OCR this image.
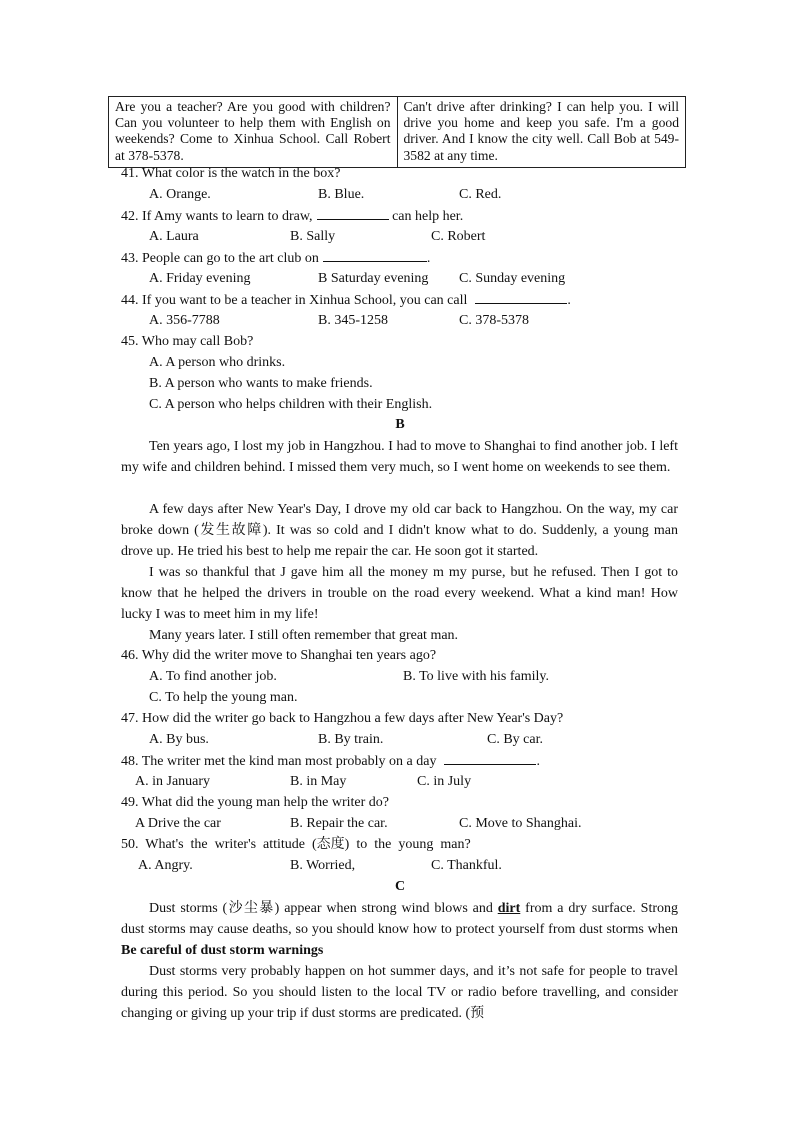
Are you a teacher? Are you good with children? Can you volunteer to help them with English on weekends? Come to Xinhua School. Call Robert at 378-5378.	Can't drive after drinking? I can help you. I will drive you home and keep you safe. I'm a good driver. And I know the city well. Call Bob at 549-3582 at any time.
41. What color is the watch in the box?
A. Orange.	B. Blue.	C. Red.
42. If Amy wants to learn to draw,	can help her.
A. Laura	B. Sally	C. Robert
43. People can go to the art club on	.
A. Friday evening	B Saturday evening C. Sunday evening
44. If you want to be a teacher in Xinhua School, you can call	.
A. 356-7788	B. 345-1258	C. 378-5378
45. Who may call Bob?
A. A person who drinks.
B. A person who wants to make friends.
C. A person who helps children with their English.
B
Ten years ago, I lost my job in Hangzhou. I had to move to Shanghai to find another job. I left my wife and children behind. I missed them very much, so I went home on weekends to see them.
A few days after New Year's Day, I drove my old car back to Hangzhou. On the way, my car broke down (发生故障). It was so cold and I didn't know what to do. Suddenly, a young man drove up. He tried his best to help me repair the car. He soon got it started.
I was so thankful that J gave him all the money m my purse, but he refused. Then I got to know that he helped the drivers in trouble on the road every weekend. What a kind man! How lucky I was to meet him in my life!
Many years later. I still often remember that great man.
46. Why did the writer move to Shanghai ten years ago?
A. To find another job.	B. To live with his family.
C. To help the young man.
47. How did the writer go back to Hangzhou a few days after New Year's Day?
A. By bus.	B. By train.	C. By car.
48. The writer met the kind man most probably on a day	.
A. in January	B. in May	C. in July
49. What did the young man help the writer do?
A Drive the car	B. Repair the car.	C. Move to Shanghai.
50.  What's  the  writer's  attitude  (态度)  to  the  young  man?
A. Angry.	B. Worried,	C. Thankful.
C
Dust storms (沙尘暴) appear when strong wind blows and dirt from a dry surface. Strong dust storms may cause deaths, so you should know how to protect yourself from dust storms when Be careful of dust storm warnings
Dust storms very probably happen on hot summer days, and it’s not safe for people to travel during this period. So you should listen to the local TV or radio before travelling, and consider changing or giving up your trip if dust storms are predicated. (预
